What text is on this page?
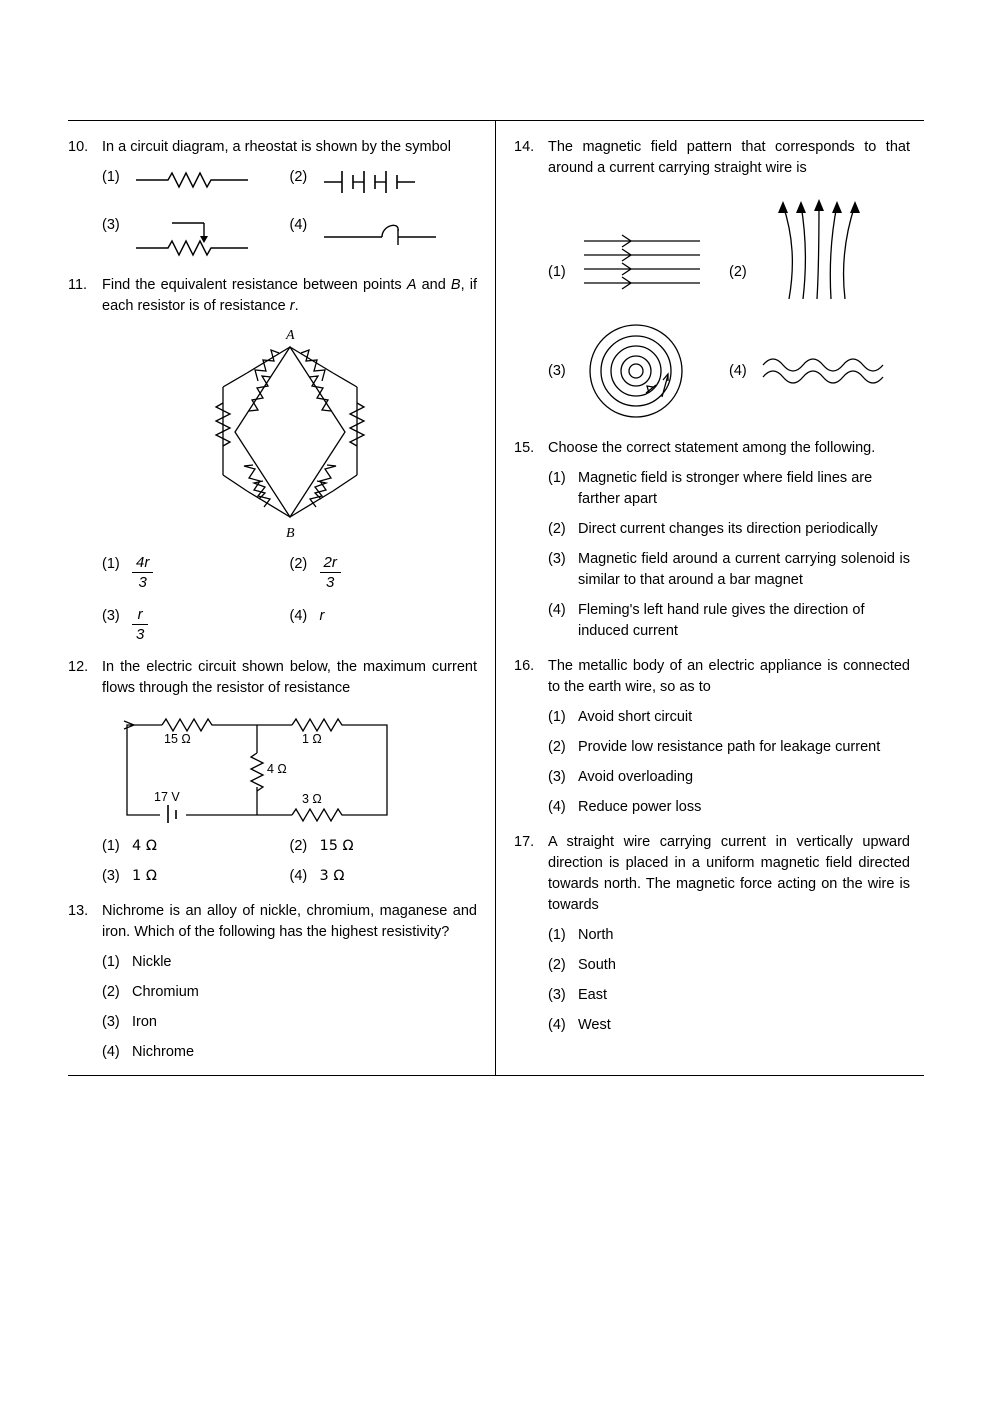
10. In a circuit diagram, a rheostat is shown by the symbol
(1)	(2)
(3)	(4)
11.	Find the equivalent resistance between points A and B, if each resistor is of resistance r.
A
B
$(1) \frac{4r}{3}$	$(2) \frac{2r}{3}$
$(3) \frac{r}{3}$	(4) r
12. In the electric circuit shown below, the maximum current flows through the resistor of resistance
15 Ω	1 Ω
4 Ω
17 V	3 Ω
(1) 4 Ω	(2) 15 Ω
(3) 1 Ω	(4) 3 Ω
13. Nichrome is an alloy of nickle, chromium, maganese and iron. Which of the following has the highest resistivity?
(1) Nickle
(2) Chromium
(3) Iron
(4) Nichrome
14. The magnetic field pattern that corresponds to that around a current carrying straight wire is
(1)	(2)
(3)	(4)
15. Choose the correct statement among the following.
(1) Magnetic field is stronger where field lines are farther apart
(2) Direct current changes its direction periodically
(3) Magnetic field around a current carrying solenoid is similar to that around a bar magnet
(4) Fleming's left hand rule gives the direction of induced current
16. The metallic body of an electric appliance is connected to the earth wire, so as to
(1) Avoid short circuit
(2) Provide low resistance path for leakage current
(3) Avoid overloading
(4) Reduce power loss
17. A straight wire carrying current in vertically upward direction is placed in a uniform magnetic field directed towards north. The magnetic force acting on the wire is towards
(1) North
(2) South
(3) East
(4) West
